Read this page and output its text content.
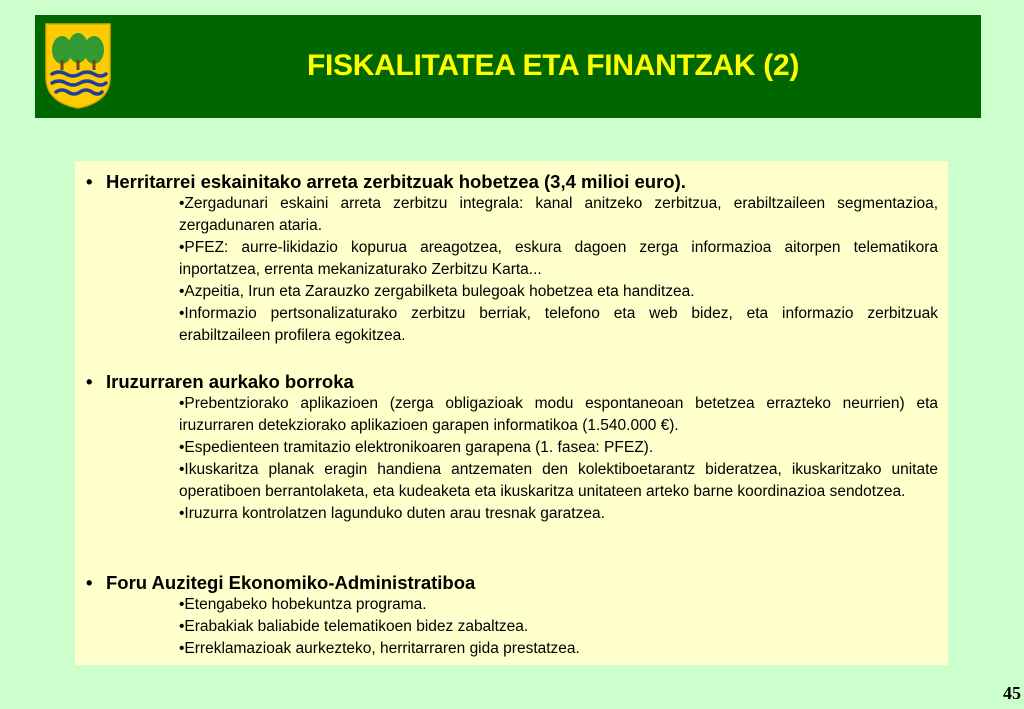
FISKALITATEA ETA FINANTZAK (2)
• Herritarrei eskainitako arreta zerbitzuak hobetzea (3,4 milioi euro).
•Zergadunari eskaini arreta zerbitzu integrala: kanal anitzeko zerbitzua, erabiltzaileen segmentazioa, zergadunaren ataria.
•PFEZ: aurre-likidazio kopurua areagotzea, eskura dagoen zerga informazioa aitorpen telematikora inportatzea, errenta mekanizaturako Zerbitzu Karta...
•Azpeitia, Irun eta Zarauzko zergabilketa bulegoak hobetzea eta handitzea.
•Informazio pertsonalizaturako zerbitzu berriak, telefono eta web bidez, eta informazio zerbitzuak erabiltzaileen profilera egokitzea.
• Iruzurraren aurkako borroka
•Prebentziorako aplikazioen (zerga obligazioak modu espontaneoan betetzea errazteko neurrien) eta iruzurraren detekziorako aplikazioen garapen informatikoa (1.540.000 €).
•Espedienteen tramitazio elektronikoaren garapena (1. fasea: PFEZ).
•Ikuskaritza planak eragin handiena antzematen den kolektiboetarantz bideratzea, ikuskaritzako unitate operatiboen berrantolaketa, eta kudeaketa eta ikuskaritza unitateen arteko barne koordinazioa sendotzea.
•Iruzurra kontrolatzen lagunduko duten arau tresnak garatzea.
• Foru Auzitegi Ekonomiko-Administratiboa
•Etengabeko hobekuntza programa.
•Erabakiak baliabide telematikoen bidez zabaltzea.
•Erreklamazioak aurkezteko, herritarraren gida prestatzea.
45
